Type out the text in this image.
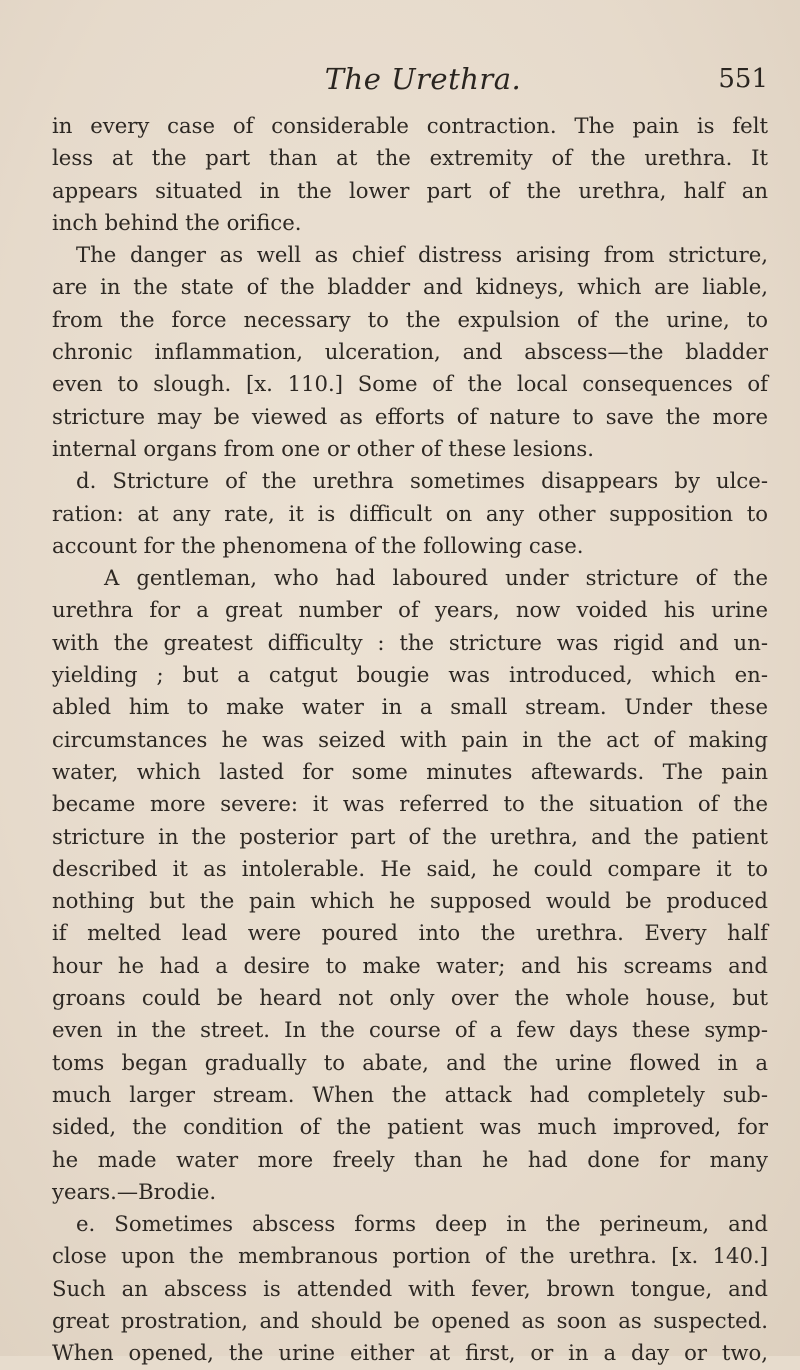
The Urethra.	551
in every case of considerable contraction. The pain is felt
less at the part than at the extremity of the urethra. It
appears situated in the lower part of the urethra, half an
inch behind the orifice.
The danger as well as chief distress arising from stricture,
are in the state of the bladder and kidneys, which are liable,
from the force necessary to the expulsion of the urine, to
chronic inflammation, ulceration, and abscess—the bladder
even to slough. [x. 110.] Some of the local consequences of
stricture may be viewed as efforts of nature to save the more
internal organs from one or other of these lesions.
d. Stricture of the urethra sometimes disappears by ulce-
ration: at any rate, it is difficult on any other supposition to
account for the phenomena of the following case.
A gentleman, who had laboured under stricture of the
urethra for a great number of years, now voided his urine
with the greatest difficulty : the stricture was rigid and un-
yielding ; but a catgut bougie was introduced, which en-
abled him to make water in a small stream. Under these
circumstances he was seized with pain in the act of making
water, which lasted for some minutes aftewards. The pain
became more severe: it was referred to the situation of the
stricture in the posterior part of the urethra, and the patient
described it as intolerable. He said, he could compare it to
nothing but the pain which he supposed would be produced
if melted lead were poured into the urethra. Every half
hour he had a desire to make water; and his screams and
groans could be heard not only over the whole house, but
even in the street. In the course of a few days these symp-
toms began gradually to abate, and the urine flowed in a
much larger stream. When the attack had completely sub-
sided, the condition of the patient was much improved, for
he made water more freely than he had done for many
years.—Brodie.
e. Sometimes abscess forms deep in the perineum, and
close upon the membranous portion of the urethra. [x. 140.]
Such an abscess is attended with fever, brown tongue, and
great prostration, and should be opened as soon as suspected.
When opened, the urine either at first, or in a day or two,
